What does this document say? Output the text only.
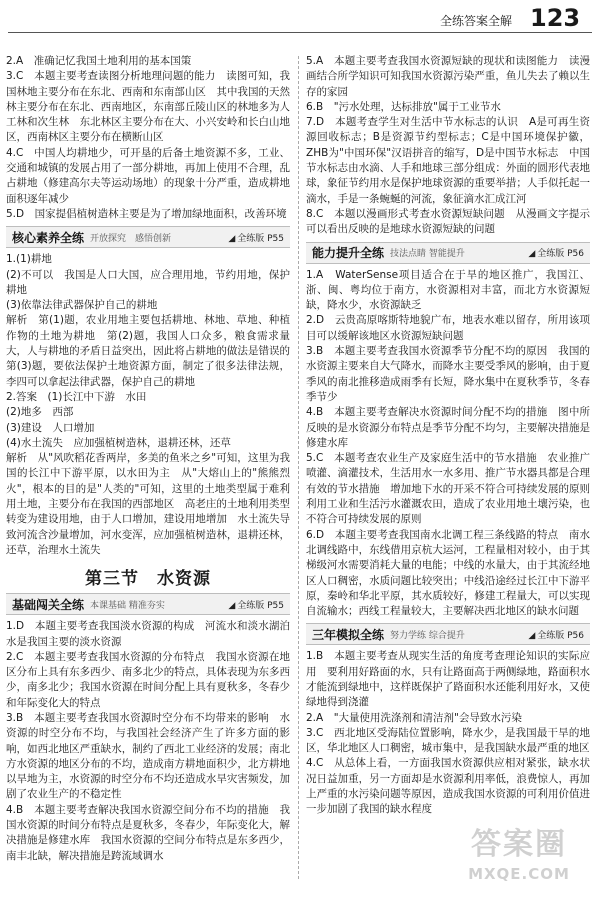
全练答案全解 123

2.A　准确记忆我国土地利用的基本国策
3.C　本题主要考查读图分析地理问题的能力　读图可知，我国林地主要分布在东北、西南和东南部山区　其中我国的天然林主要分布在东北、西南地区，东南部丘陵山区的林地多为人工林和次生林　东北林区主要分布在大、小兴安岭和长白山地区，西南林区主要分布在横断山区
4.C　中国人均耕地少，可开垦的后备土地资源不多，工业、交通和城镇的发展占用了一部分耕地，再加上使用不合理，乱占耕地（修建高尔夫等运动场地）的现象十分严重，造成耕地面积逐年减少
5.D　国家提倡植树造林主要是为了增加绿地面积，改善环境

核心素养全练 开放探究　感悟创新	◢ 全练版 P55

1.(1)耕地
(2)不可以　我国是人口大国，应合理用地，节约用地，保护耕地
(3)依靠法律武器保护自己的耕地
解析　第(1)题，农业用地主要包括耕地、林地、草地、种植作物的土地为耕地　第(2)题，我国人口众多，粮食需求量大，人与耕地的矛盾日益突出，因此将占耕地的做法是错误的　第(3)题，要依法保护土地资源方面，制定了很多法律法规，李四可以拿起法律武器，保护自己的耕地
2.答案　(1)长江中下游　水田
(2)地多　西部
(3)建设　人口增加
(4)水土流失　应加强植树造林，退耕还林，还草
解析　从"风吹稻花香两岸，多美的鱼米之乡"可知，这里为我国的长江中下游平原，以水田为主　从"大熔山上的"熊熊烈火"，根本的目的是"人类的"可知，这里的土地类型属于难利用土地，主要分布在我国的西部地区　高老庄的土地利用类型转变为建设用地，由于人口增加，建设用地增加　水土流失导致河流含沙量增加，河水变浑，应加强植树造林，退耕还林，还草，治理水土流失

第三节　水资源
基础闯关全练 本课基础 精准夯实	◢ 全练版 P55

1.D　本题主要考查我国淡水资源的构成　河流水和淡水湖泊水是我国主要的淡水资源
2.C　本题主要考查我国水资源的分布特点　我国水资源在地区分布上具有东多西少、南多北少的特点，具体表现为东多西少，南多北少；我国水资源在时间分配上具有夏秋多，冬春少和年际变化大的特点
3.B　本题主要考查我国水资源时空分布不均带来的影响　水资源的时空分布不均，与我国社会经济产生了许多方面的影响，如西北地区严重缺水，制约了西北工业经济的发展；南北方水资源的地区分布的不均，造成南方耕地面积少，北方耕地以旱地为主，水资源的时空分布不均还造成水旱灾害频发，加剧了农业生产的不稳定性
4.B　本题主要考查解决我国水资源空间分布不均的措施　我国水资源的时间分布特点是夏秋多，冬春少，年际变化大，解决措施是修建水库　我国水资源的空间分布特点是东多西少，南丰北缺，解决措施是跨流域调水

5.A　本题主要考查我国水资源短缺的现状和读图能力　读漫画结合所学知识可知我国水资源污染严重，鱼儿失去了赖以生存的家园
6.B　"污水处理，达标排放"属于工业节水
7.D　本题考查学生对生活中节水标志的认识　A是可再生资源回收标志；B是资源节约型标志；C是中国环境保护徽，ZHB为"中国环保"汉语拼音的缩写，D是中国节水标志　中国节水标志由水滴、人手和地球三部分组成：外面的圆形代表地球，象征节约用水是保护地球资源的重要举措；人手似托起一滴水，手是一条蜿蜒的河流，象征滴水汇成江河
8.C　本题以漫画形式考查水资源短缺问题　从漫画文字提示可以看出反映的是地球水资源短缺的问题

能力提升全练 技法点睛 智能提升	◢ 全练版 P56

1.A　WaterSense项目适合在于旱的地区推广，我国江、浙、闽、粤均位于南方，水资源相对丰富，而北方水资源短缺，降水少，水资源缺乏
2.D　云贵高原喀斯特地貌广布，地表水难以留存，所用该项目可以缓解该地区水资源短缺问题
3.B　本题主要考查我国水资源季节分配不均的原因　我国的水资源主要来自大气降水，而降水主要受季风的影响，由于夏季风的南北推移造成雨季有长短，降水集中在夏秋季节，冬春季节少
4.B　本题主要考查解决水资源时间分配不均的措施　图中所反映的是水资源分布特点是季节分配不均匀，主要解决措施是修建水库
5.C　本题考查农业生产及家庭生活中的节水措施　农业推广喷灌、滴灌技术，生活用水一水多用、推广节水器具都是合理有效的节水措施　增加地下水的开采不符合可持续发展的原则　利用工业和生活污水灌溉农田，造成了农业用地土壤污染，也不符合可持续发展的原则
6.D　本题主要考查我国南水北调工程三条线路的特点　南水北调线路中，东线借用京杭大运河，工程量相对较小，由于其梯级河水需要消耗大量的电能；中线的水量大，由于其流经地区人口稠密，水质问题比较突出；中线沿途经过长江中下游平原，秦岭和华北平原，其水质较好，修建工程量大，可以实现自流输水；西线工程量较大，主要解决西北地区的缺水问题

三年模拟全练 努力学练 综合提升	◢ 全练版 P56

1.B　本题主要考查从现实生活的角度考查理论知识的实际应用　要利用好路面的水，只有让路面高于两侧绿地，路面积水才能流到绿地中，这样既保护了路面积水还能利用好水，又使绿地得到浇灌
2.A　"大量使用洗涤剂和清洁剂"会导致水污染
3.C　西北地区受海陆位置影响，降水少，是我国最干旱的地区，华北地区人口稠密，城市集中，是我国缺水最严重的地区
4.C　从总体上看，一方面我国水资源供应相对紧张，缺水状况日益加重，另一方面却是水资源利用率低，浪费惊人，再加上严重的水污染问题等原因，造成我国水资源的可利用价值进一步加剧了我国的缺水程度

答案圈
MXQE.COM
